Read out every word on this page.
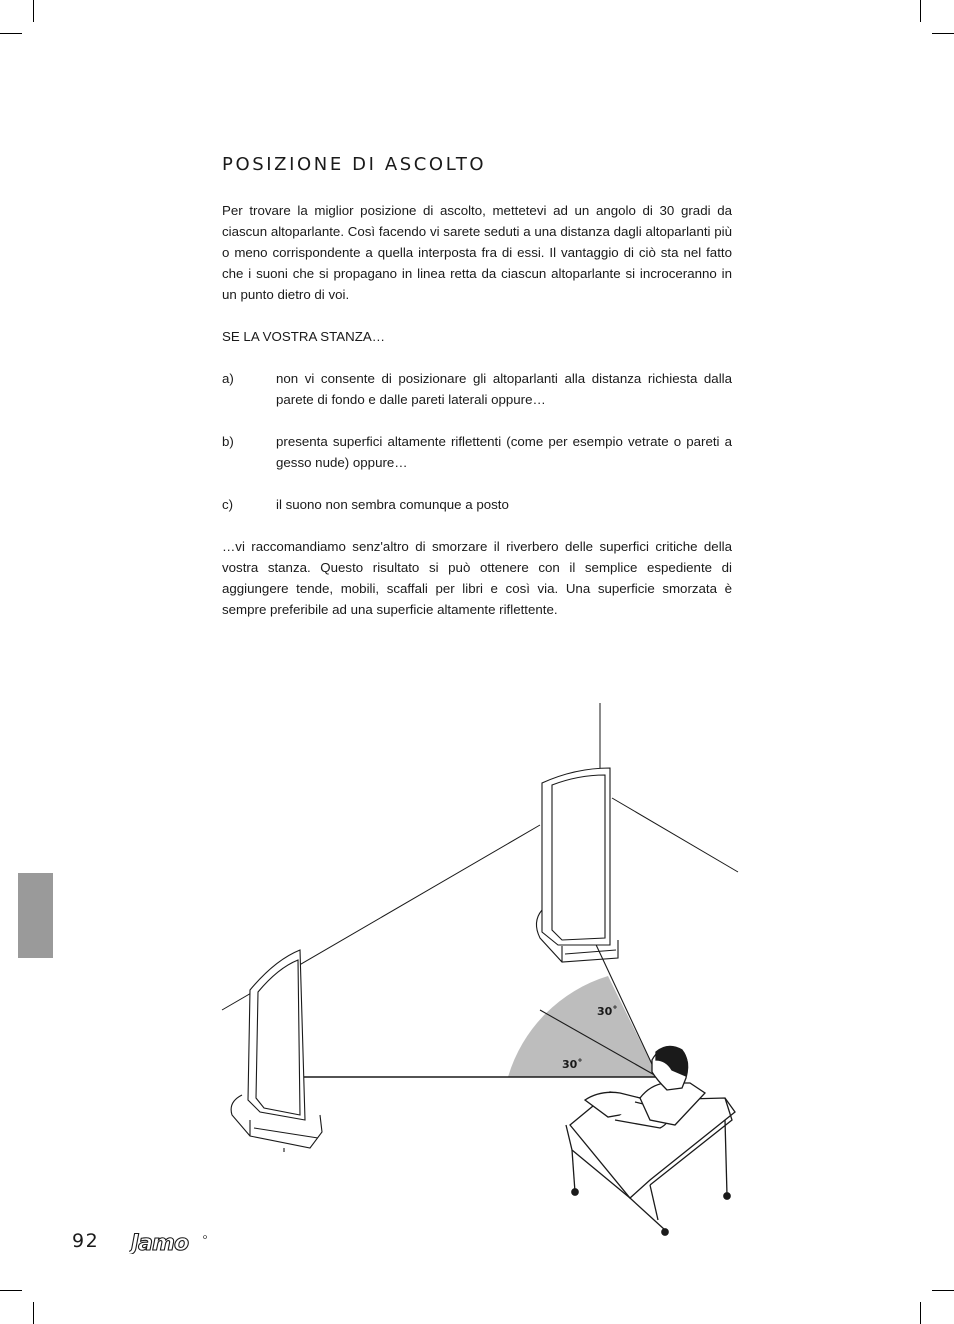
POSIZIONE DI ASCOLTO

Per trovare la miglior posizione di ascolto, mettetevi ad un angolo di 30 gradi da ciascun altoparlante. Così facendo vi sarete seduti a una distanza dagli altoparlanti più o meno corrispondente a quella interposta fra di essi. Il vantaggio di ciò sta nel fatto che i suoni che si propagano in linea retta da ciascun altoparlante si incroceranno in un punto dietro di voi.

SE LA VOSTRA STANZA…

a)	non vi consente di posizionare gli altoparlanti alla distanza richiesta dalla parete di fondo e dalle pareti laterali oppure…
b)	presenta superfici altamente riflettenti (come per esempio vetrate o pareti a gesso nude) oppure…
c)	il suono non sembra comunque a posto

…vi raccomandiamo senz'altro di smorzare il riverbero delle superfici critiche della vostra stanza. Questo risultato si può ottenere con il semplice espediente di aggiungere tende, mobili, scaffali per libri e così via. Una superficie smorzata è sempre preferibile ad una superficie altamente riflettente.

30˚
30˚
92 Jamo
